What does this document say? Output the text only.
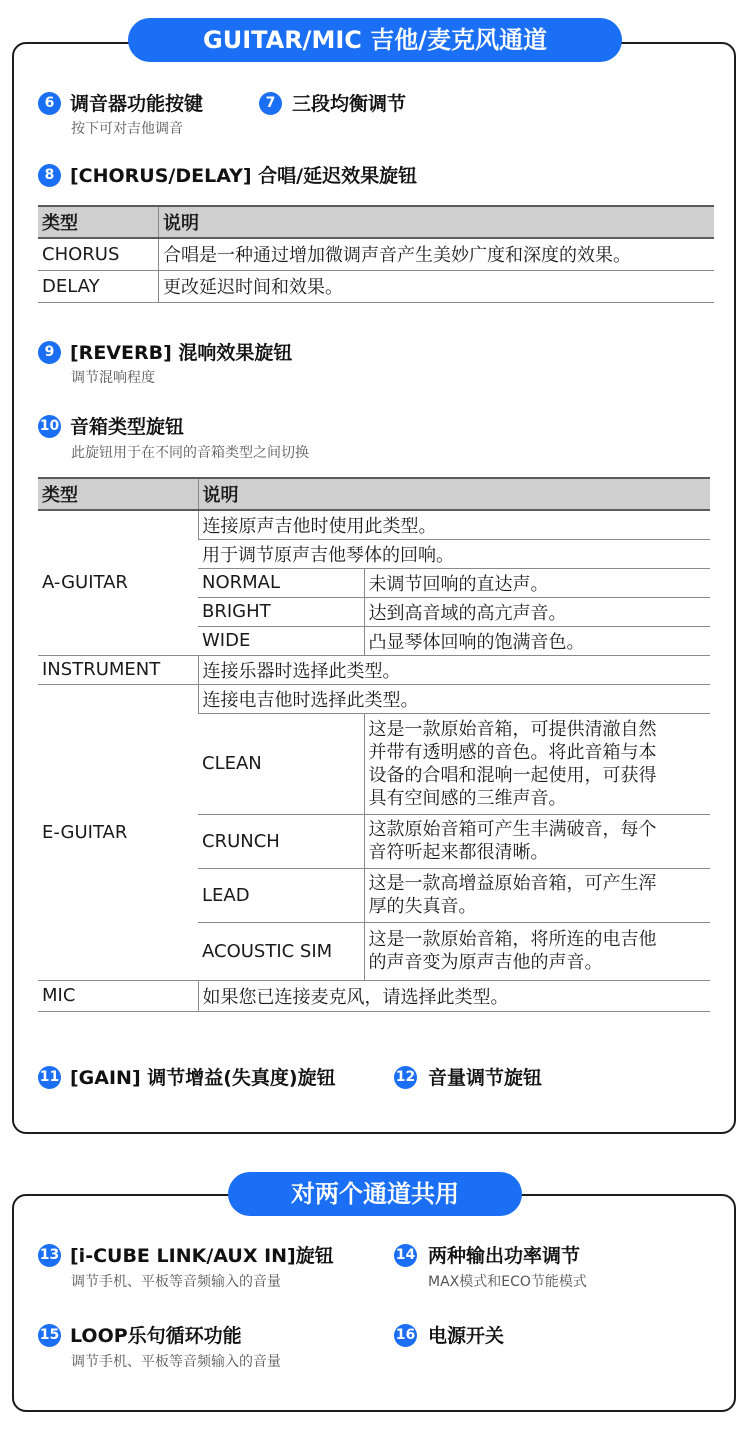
GUITAR/MIC 吉他/麦克风通道
6 调音器功能按键
按下可对吉他调音
7 三段均衡调节
8 [CHORUS/DELAY] 合唱/延迟效果旋钮
类型	说明
CHORUS	合唱是一种通过增加微调声音产生美妙广度和深度的效果。
DELAY	更改延迟时间和效果。
9 [REVERB] 混响效果旋钮
调节混响程度
10 音箱类型旋钮
此旋钮用于在不同的音箱类型之间切换
类型	说明	
A-GUITAR	连接原声吉他时使用此类型。	
	用于调节原声吉他琴体的回响。	
	NORMAL	未调节回响的直达声。
	BRIGHT	达到高音域的高亢声音。
	WIDE	凸显琴体回响的饱满音色。
INSTRUMENT	连接乐器时选择此类型。	
E-GUITAR	连接电吉他时选择此类型。	
	CLEAN	这是一款原始音箱，可提供清澈自然
并带有透明感的音色。将此音箱与本
设备的合唱和混响一起使用，可获得
具有空间感的三维声音。

	CRUNCH	这款原始音箱可产生丰满破音，每个
音符听起来都很清晰。

	LEAD	这是一款高增益原始音箱，可产生浑
厚的失真音。

	ACOUSTIC SIM	这是一款原始音箱，将所连的电吉他
的声音变为原声吉他的声音。

MIC	如果您已连接麦克风，请选择此类型。	
11 [GAIN] 调节增益(失真度)旋钮	12 音量调节旋钮
对两个通道共用
13 [i-CUBE LINK/AUX IN]旋钮
调节手机、平板等音频输入的音量
14 两种输出功率调节
MAX模式和ECO节能模式
15 LOOP乐句循环功能
调节手机、平板等音频输入的音量
16 电源开关
